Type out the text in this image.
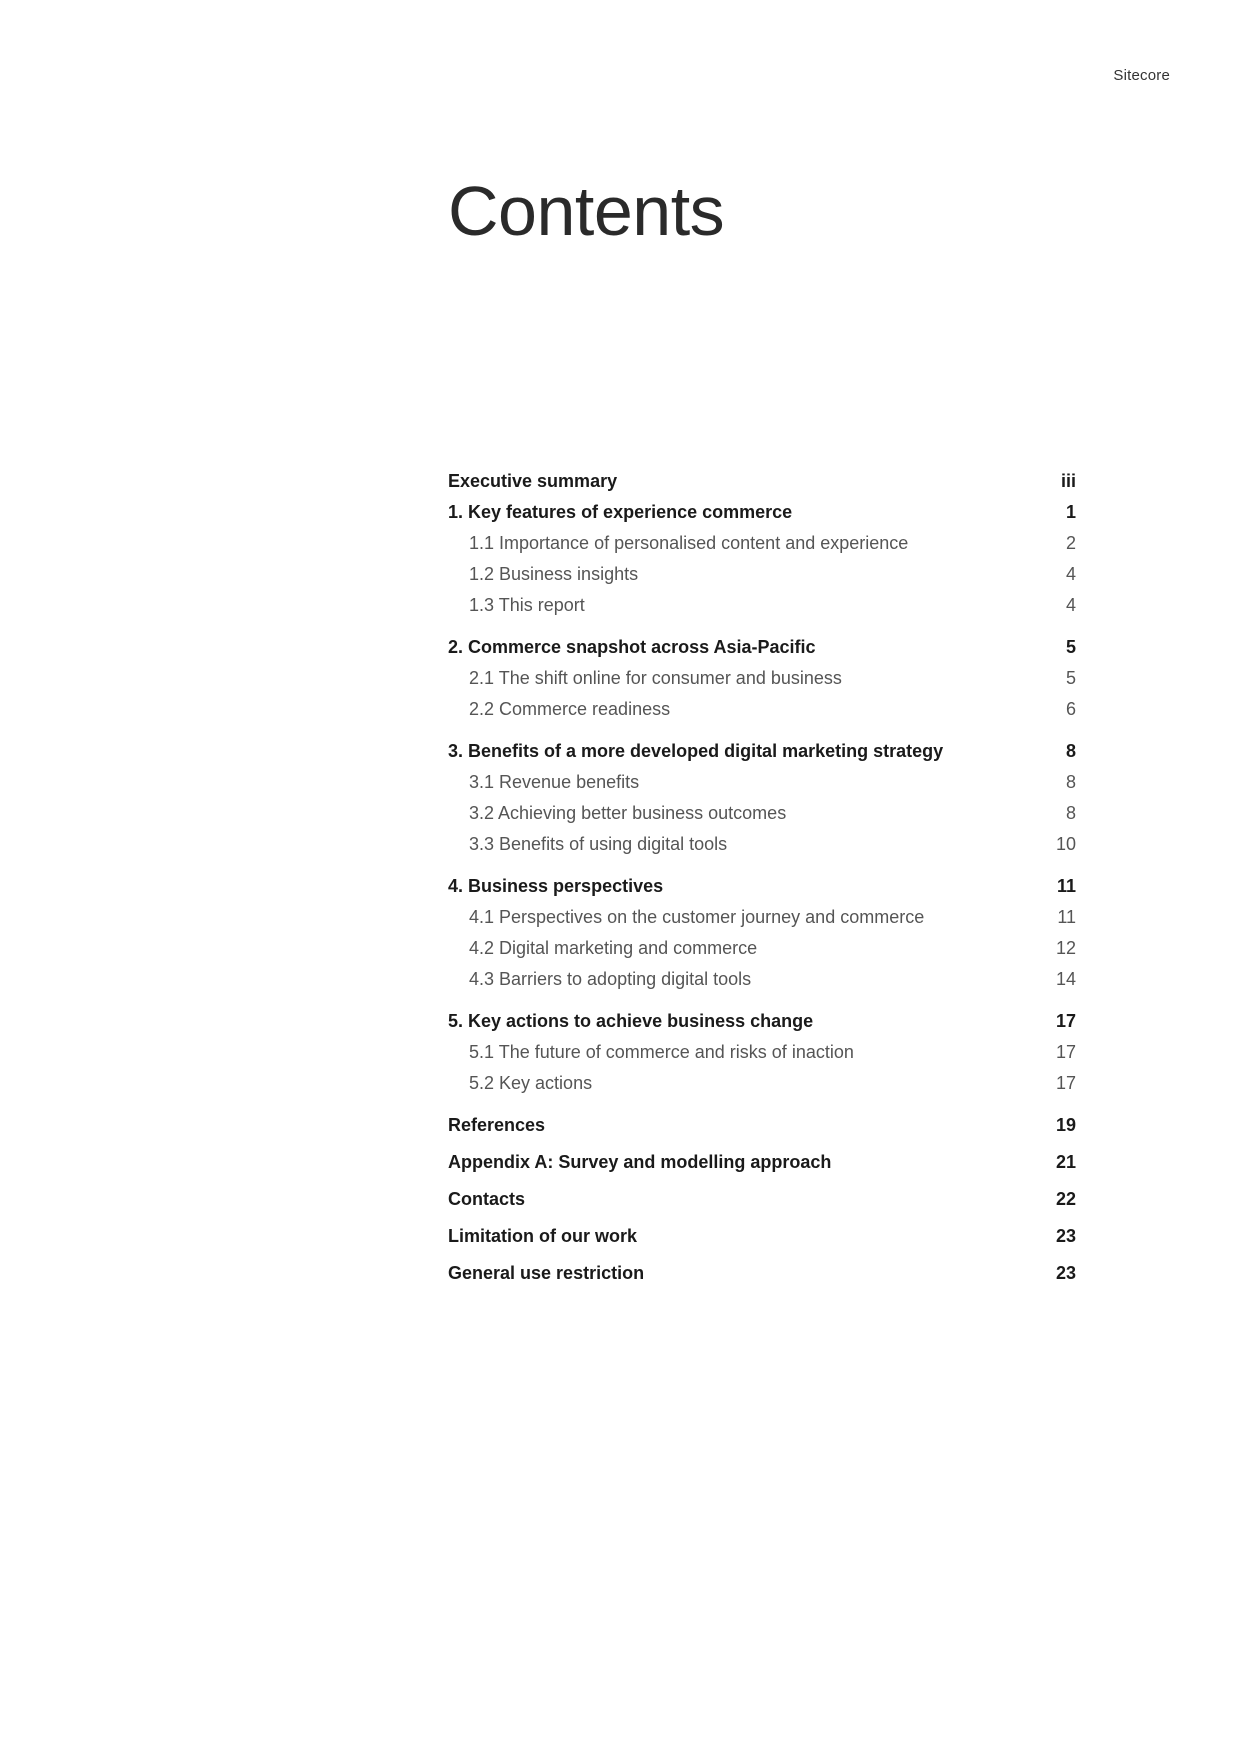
Sitecore
Contents
Executive summary	iii
1. Key features of experience commerce	1
1.1 Importance of personalised content and experience	2
1.2 Business insights	4
1.3 This report	4
2. Commerce snapshot across Asia-Pacific	5
2.1 The shift online for consumer and business	5
2.2 Commerce readiness	6
3. Benefits of a more developed digital marketing strategy	8
3.1 Revenue benefits	8
3.2 Achieving better business outcomes	8
3.3 Benefits of using digital tools	10
4. Business perspectives	11
4.1 Perspectives on the customer journey and commerce	11
4.2 Digital marketing and commerce	12
4.3 Barriers to adopting digital tools	14
5. Key actions to achieve business change	17
5.1 The future of commerce and risks of inaction	17
5.2 Key actions	17
References	19
Appendix A: Survey and modelling approach	21
Contacts	22
Limitation of our work	23
General use restriction	23
